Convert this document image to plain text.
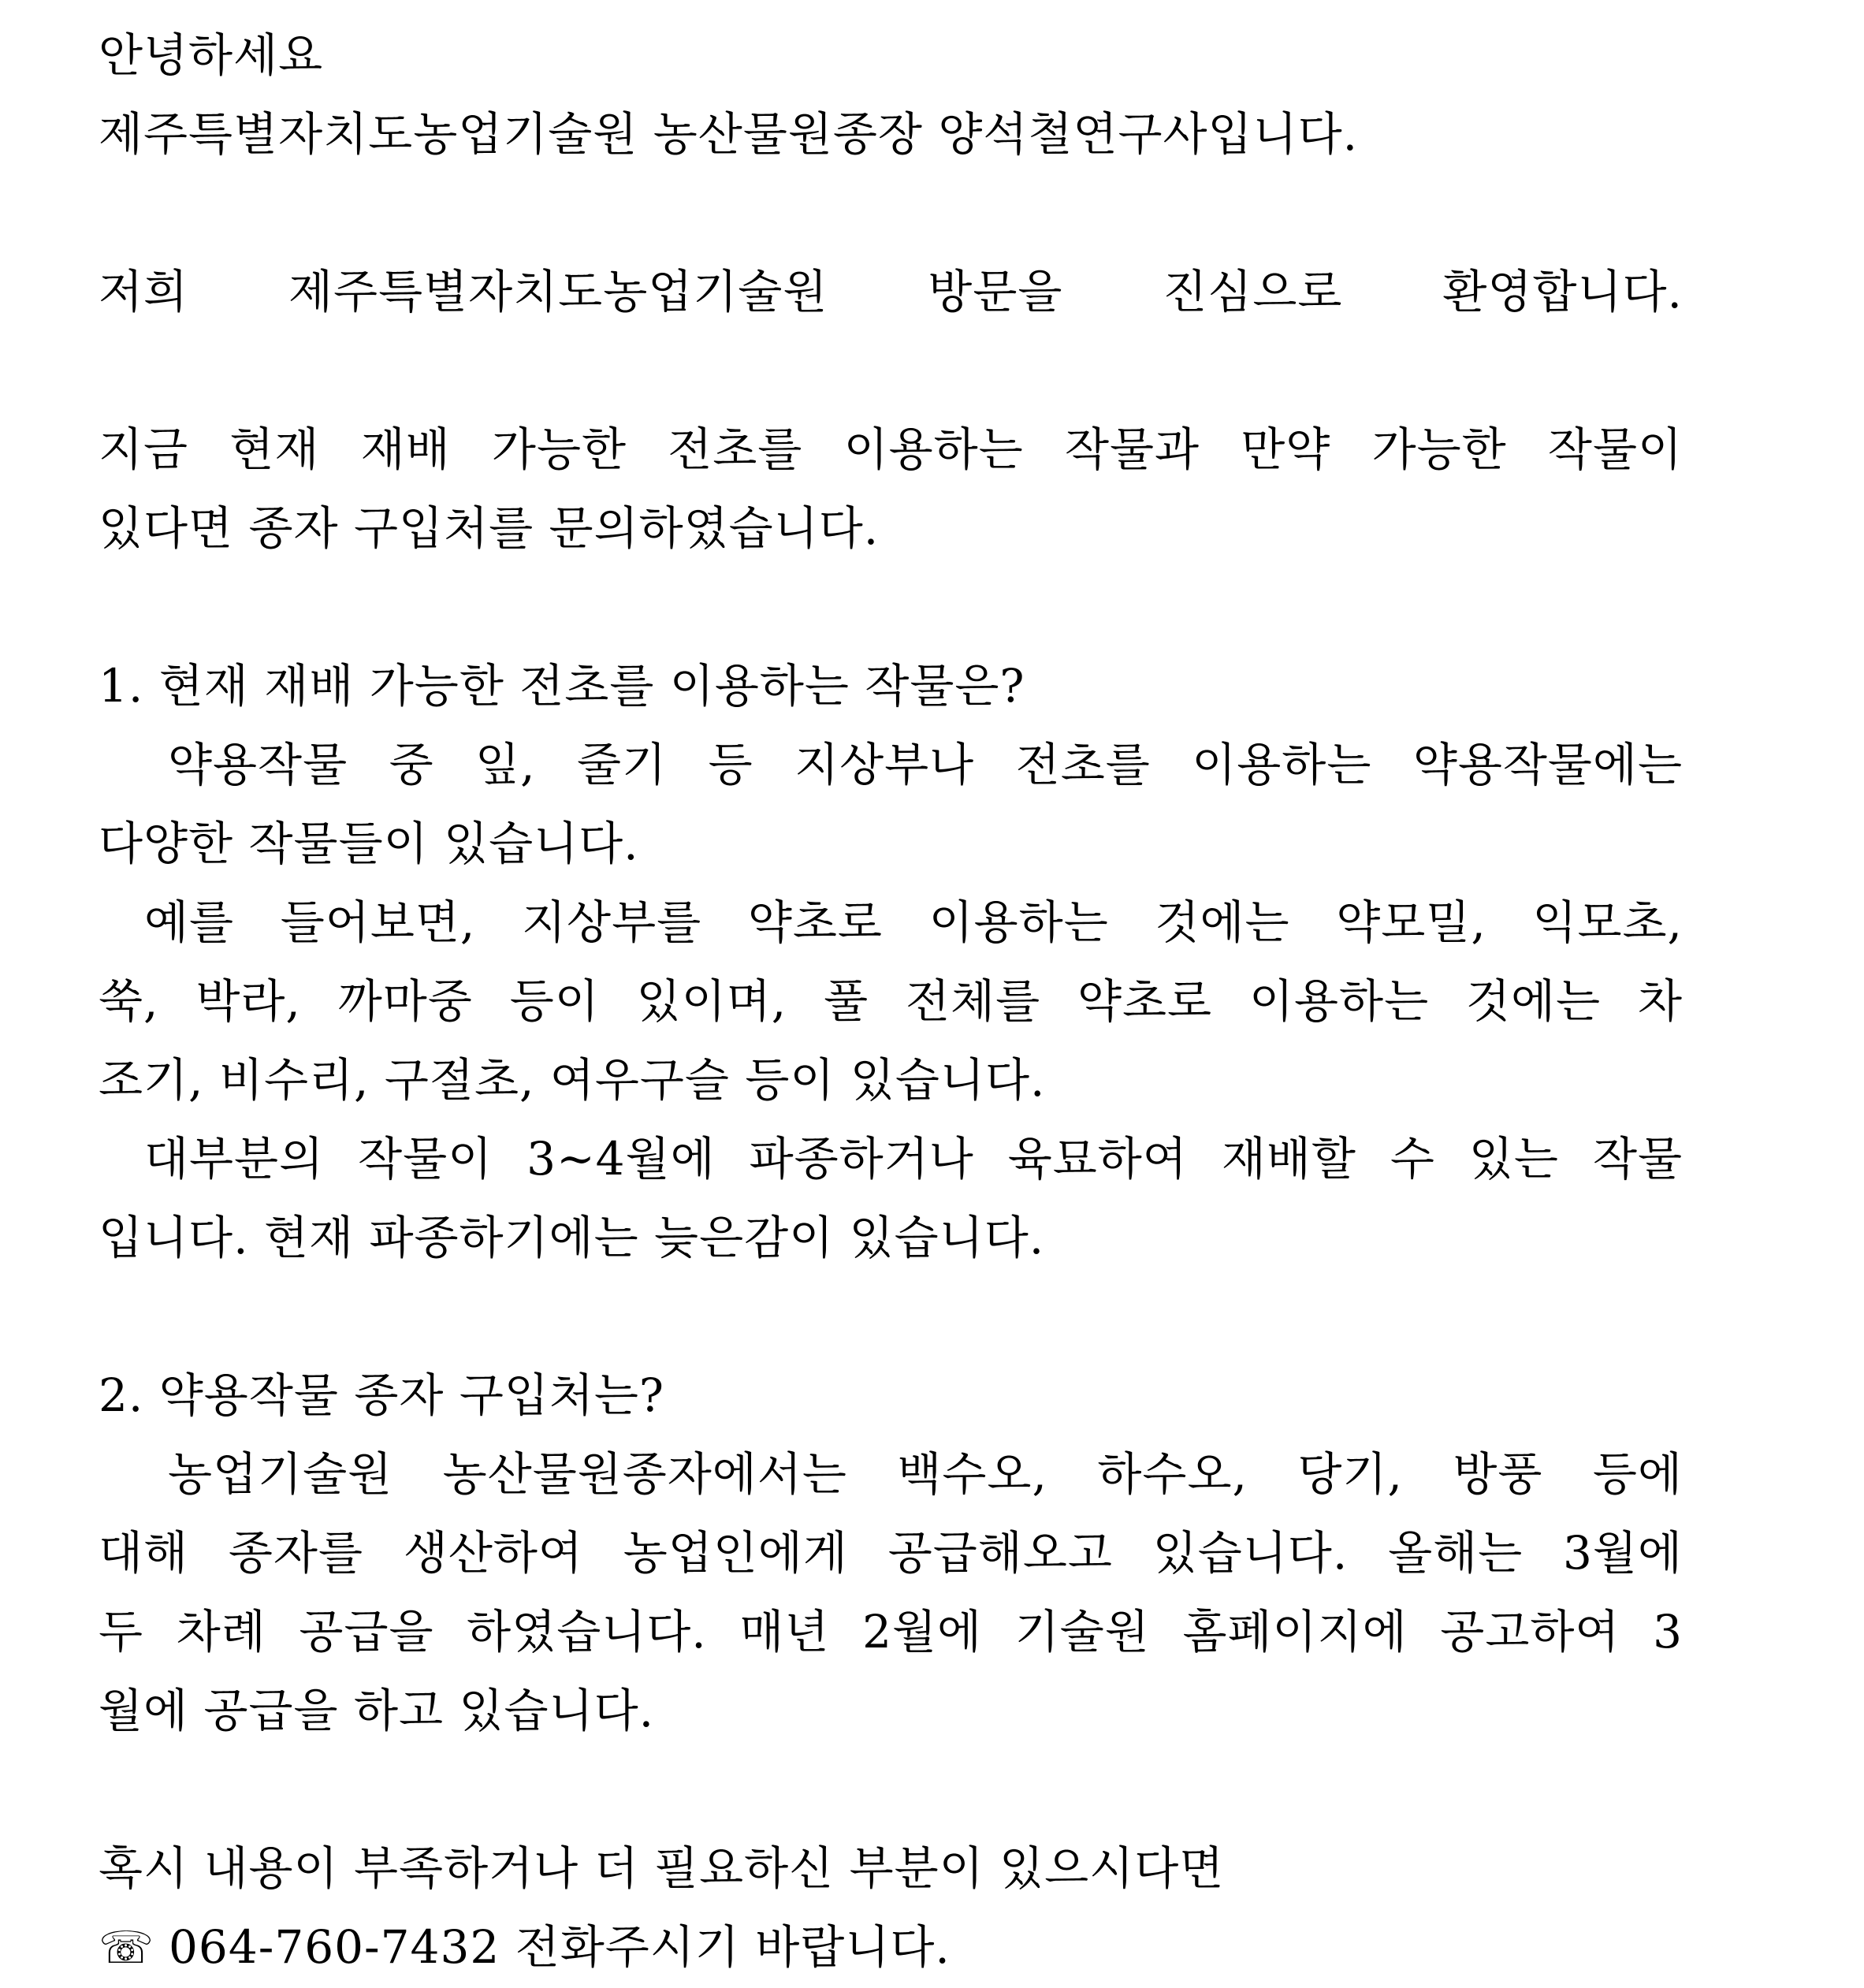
안녕하세요
제주특별자치도농업기술원 농산물원종장 양석철연구사입니다.
저희 제주특별자치도농업기술원 방문을 진심으로 환영합니다.
지금 현재 재배 가능한 전초를 이용하는 작물과 만약 가능한 작물이
있다면 종자 구입처를 문의하였습니다.
1. 현재 재배 가능한 전초를 이용하는 작물은?
약용작물 중 잎, 줄기 등 지상부나 전초를 이용하는 약용작물에는
다양한 작물들이 있습니다.
예를 들어보면, 지상부를 약초로 이용하는 것에는 약모밀, 익모초,
쑥, 박라, 까마중 등이 있이며, 풀 전체를 약초로 이용하는 것에는 차
조기, 비수리, 구절초, 여우구슬 등이 있습니다.
대부분의 작물이 3~4월에 파종하거나 육묘하여 재배할 수 있는 작물
입니다. 현재 파종하기에는 늦은감이 있습니다.
2. 약용작물 종자 구입처는?
농업기술원 농산물원종자에서는 백수오, 하수오, 당기, 방풍 등에
대해 종자를 생산하여 농업인에게 공급해오고 있습니다. 올해는 3월에
두 차례 공급을 하였습니다. 매년 2월에 기술원 홈페이지에 공고하여 3
월에 공급을 하고 있습니다.
혹시 내용이 부족하거나 더 필요하신 부분이 있으시다면
☏ 064-760-7432 전화주시기 바랍니다.
